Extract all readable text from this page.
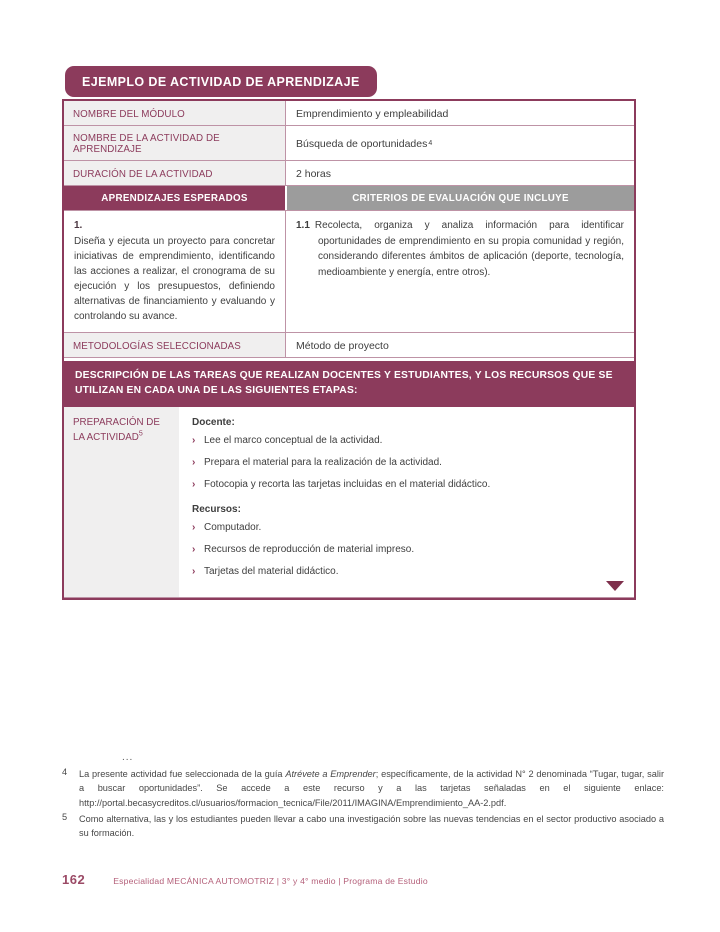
EJEMPLO DE ACTIVIDAD DE APRENDIZAJE
NOMBRE DEL MÓDULO	Emprendimiento y empleabilidad
NOMBRE DE LA ACTIVIDAD DE APRENDIZAJE	Búsqueda de oportunidades 4
DURACIÓN DE LA ACTIVIDAD	2 horas
APRENDIZAJES ESPERADOS	CRITERIOS DE EVALUACIÓN QUE INCLUYE
1.
Diseña y ejecuta un proyecto para concretar iniciativas de emprendimiento, identificando las acciones a realizar, el cronograma de su ejecución y los presupuestos, definiendo alternativas de financiamiento y evaluando y controlando su avance.

1.1 Recolecta, organiza y analiza información para identificar oportunidades de emprendimiento en su propia comunidad y región, considerando diferentes ámbitos de aplicación (deporte, tecnología, medioambiente y energía, entre otros).

METODOLOGÍAS SELECCIONADAS	Método de proyecto
DESCRIPCIÓN DE LAS TAREAS QUE REALIZAN DOCENTES Y ESTUDIANTES, Y LOS RECURSOS QUE SE UTILIZAN EN CADA UNA DE LAS SIGUIENTES ETAPAS:
PREPARACIÓN DE LA ACTIVIDAD$^5$

Docente:

› Lee el marco conceptual de la actividad.
› Prepara el material para la realización de la actividad.
› Fotocopia y recorta las tarjetas incluidas en el material didáctico.

Recursos:

› Computador.
› Recursos de reproducción de material impreso.
› Tarjetas del material didáctico.
...
4	La presente actividad fue seleccionada de la guía Atrévete a Emprender; específicamente, de la actividad N° 2 denominada “Tugar, tugar, salir a buscar oportunidades”. Se accede a este recurso y a las tarjetas señaladas en el siguiente enlace: http://portal.becasycreditos.cl/usuarios/formacion_tecnica/File/2011/IMAGINA/Emprendimiento_AA-2.pdf.
5	Como alternativa, las y los estudiantes pueden llevar a cabo una investigación sobre las nuevas tendencias en el sector productivo asociado a su formación.
162	Especialidad MECÁNICA AUTOMOTRIZ | 3° y 4° medio | Programa de Estudio
